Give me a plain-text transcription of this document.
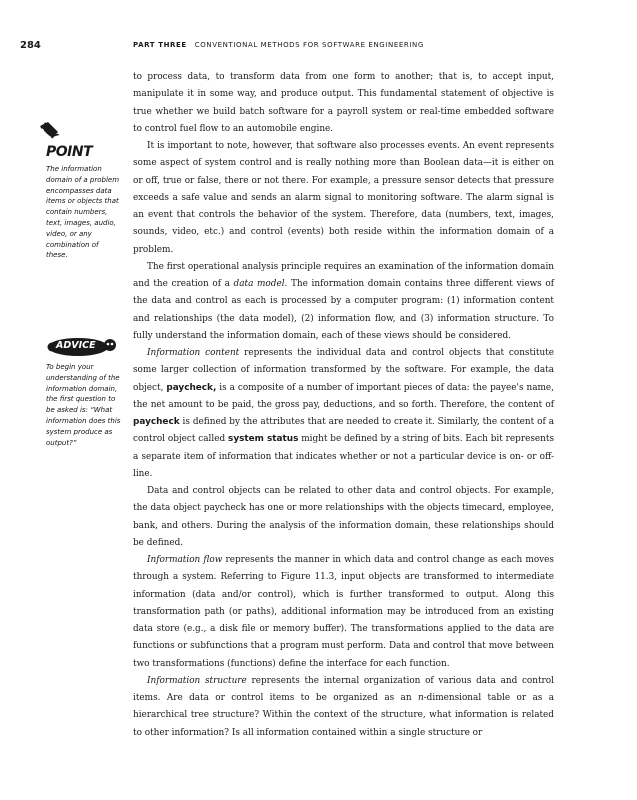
284	PART THREE CONVENTIONAL METHODS FOR SOFTWARE ENGINEERING
KEY
POINT
The information domain of a problem encompasses data items or objects that contain numbers, text, images, audio, video, or any combination of these.
ADVICE
To begin your understanding of the information domain, the first question to be asked is: “What information does this system produce as output?”

to process data, to transform data from one form to another; that is, to accept input, manipulate it in some way, and produce output. This fundamental statement of objective is true whether we build batch software for a payroll system or real-time embedded software to control fuel flow to an automobile engine.

It is important to note, however, that software also processes events. An event represents some aspect of system control and is really nothing more than Boolean data—it is either on or off, true or false, there or not there. For example, a pressure sensor detects that pressure exceeds a safe value and sends an alarm signal to monitoring software. The alarm signal is an event that controls the behavior of the system. Therefore, data (numbers, text, images, sounds, video, etc.) and control (events) both reside within the information domain of a problem.

The first operational analysis principle requires an examination of the information domain and the creation of a data model. The information domain contains three different views of the data and control as each is processed by a computer program: (1) information content and relationships (the data model), (2) information flow, and (3) information structure. To fully understand the information domain, each of these views should be considered.

Information content represents the individual data and control objects that constitute some larger collection of information transformed by the software. For example, the data object, paycheck, is a composite of a number of important pieces of data: the payee's name, the net amount to be paid, the gross pay, deductions, and so forth. Therefore, the content of paycheck is defined by the attributes that are needed to create it. Similarly, the content of a control object called system status might be defined by a string of bits. Each bit represents a separate item of information that indicates whether or not a particular device is on- or off-line.

Data and control objects can be related to other data and control objects. For example, the data object paycheck has one or more relationships with the objects timecard, employee, bank, and others. During the analysis of the information domain, these relationships should be defined.

Information flow represents the manner in which data and control change as each moves through a system. Referring to Figure 11.3, input objects are transformed to intermediate information (data and/or control), which is further transformed to output. Along this transformation path (or paths), additional information may be introduced from an existing data store (e.g., a disk file or memory buffer). The transformations applied to the data are functions or subfunctions that a program must perform. Data and control that move between two transformations (functions) define the interface for each function.

Information structure represents the internal organization of various data and control items. Are data or control items to be organized as an n-dimensional table or as a hierarchical tree structure? Within the context of the structure, what information is related to other information? Is all information contained within a single structure or
